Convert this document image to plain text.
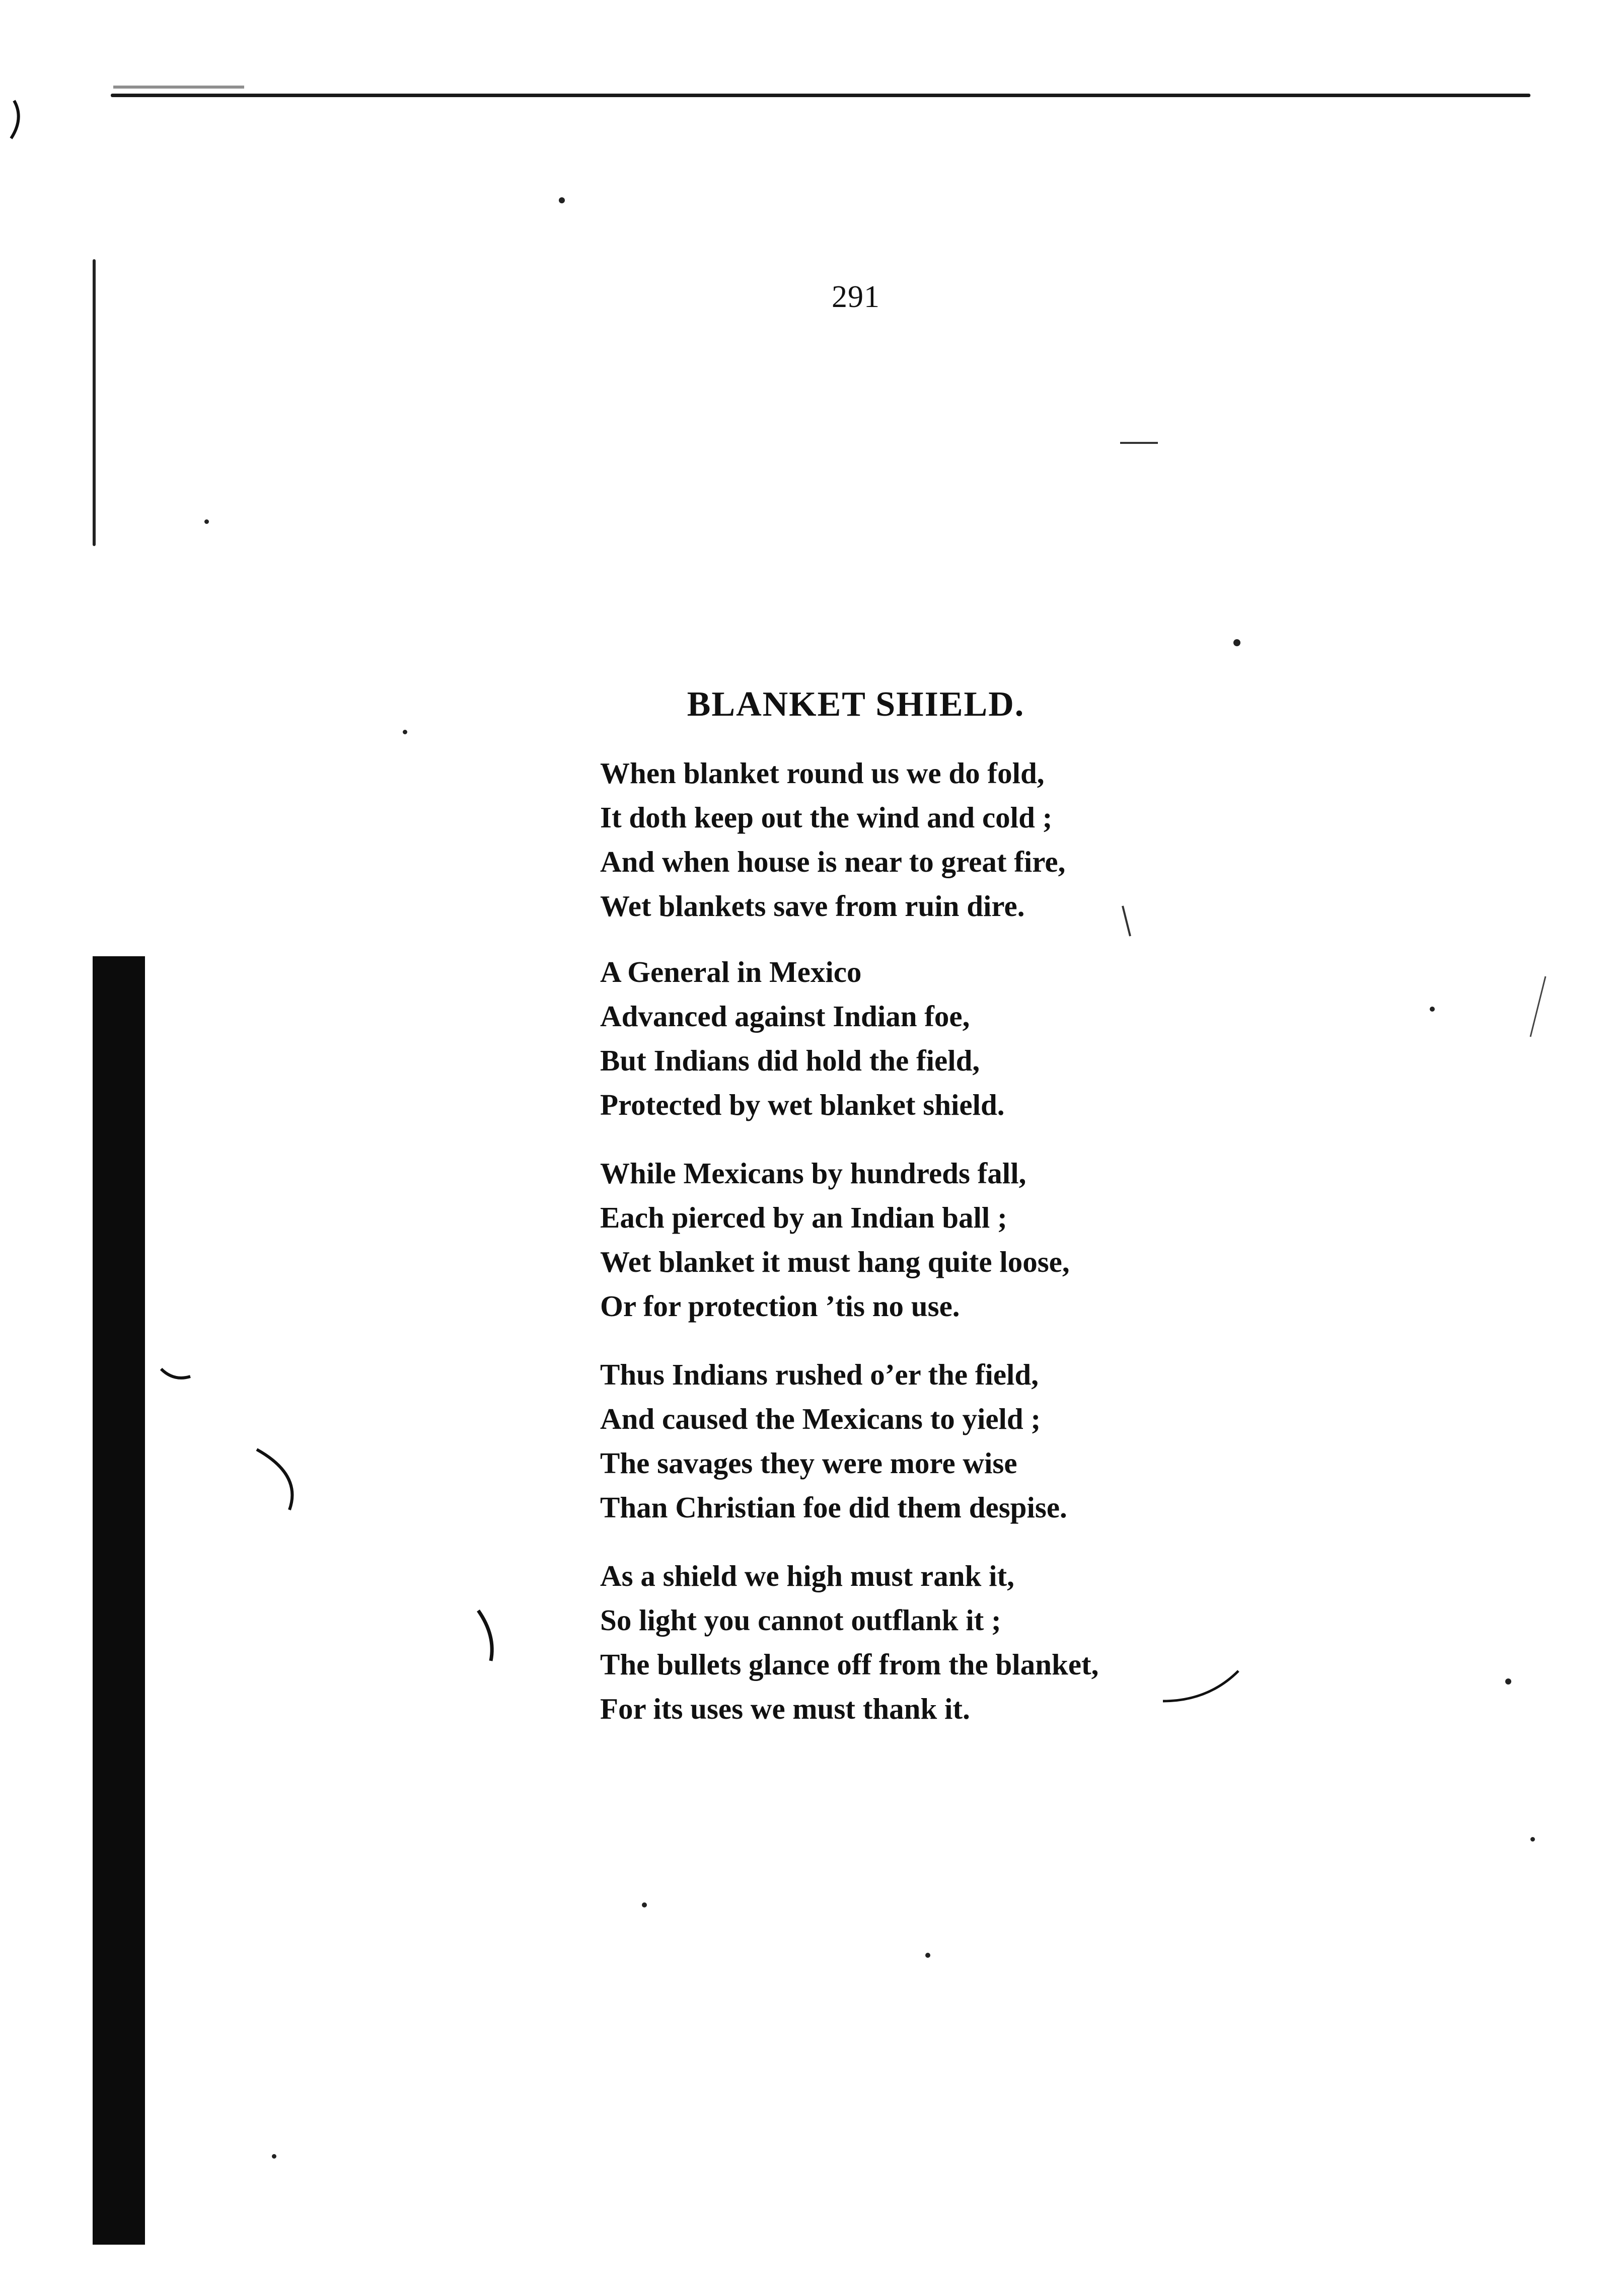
291
BLANKET SHIELD.
When blanket round us we do fold,
It doth keep out the wind and cold ;
And when house is near to great fire,
Wet blankets save from ruin dire.
A General in Mexico
Advanced against Indian foe,
But Indians did hold the field,
Protected by wet blanket shield.
While Mexicans by hundreds fall,
Each pierced by an Indian ball ;
Wet blanket it must hang quite loose,
Or for protection ’tis no use.
Thus Indians rushed o’er the field,
And caused the Mexicans to yield ;
The savages they were more wise
Than Christian foe did them despise.
As a shield we high must rank it,
So light you cannot outflank it ;
The bullets glance off from the blanket,
For its uses we must thank it.
